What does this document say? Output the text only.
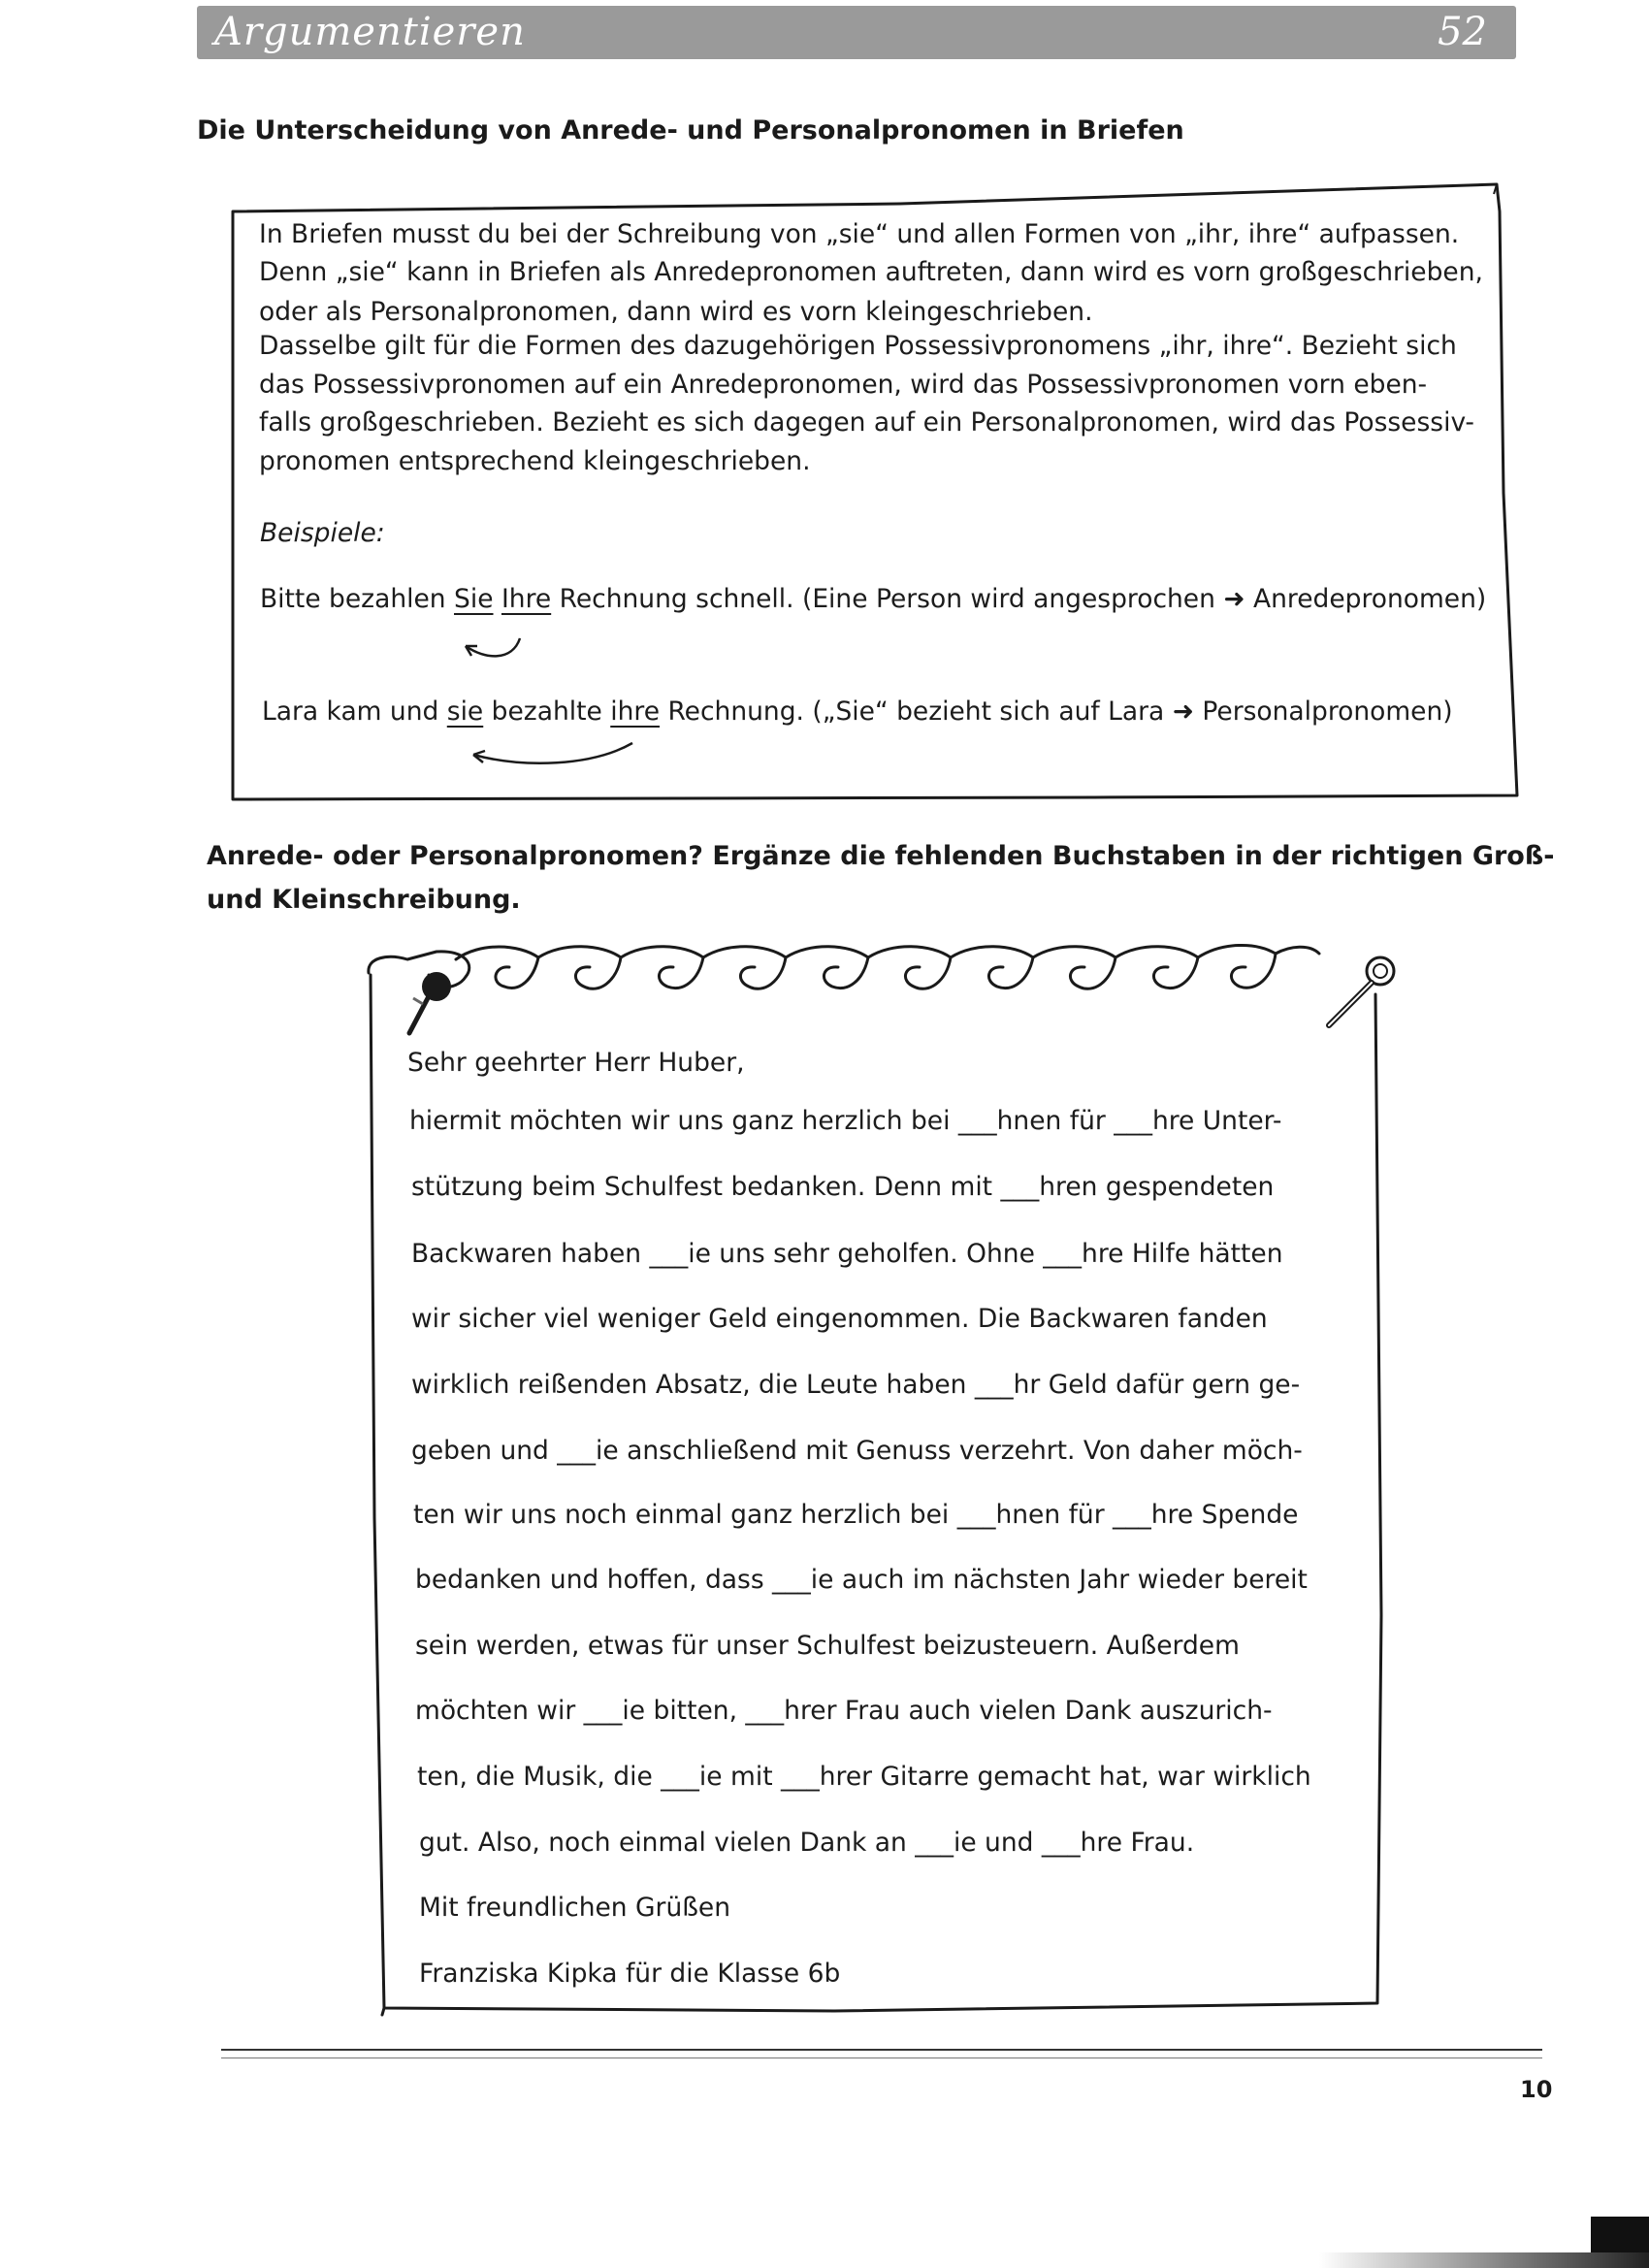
Argumentieren	52
Die Unterscheidung von Anrede- und Personalpronomen in Briefen
In Briefen musst du bei der Schreibung von „sie“ und allen Formen von „ihr, ihre“ aufpassen.
Denn „sie“ kann in Briefen als Anredepronomen auftreten, dann wird es vorn großgeschrieben,
oder als Personalpronomen, dann wird es vorn kleingeschrieben.
Dasselbe gilt für die Formen des dazugehörigen Possessivpronomens „ihr, ihre“. Bezieht sich
das Possessivpronomen auf ein Anredepronomen, wird das Possessivpronomen vorn eben-
falls großgeschrieben. Bezieht es sich dagegen auf ein Personalpronomen, wird das Possessiv-
pronomen entsprechend kleingeschrieben.
Beispiele:
Bitte bezahlen Sie Ihre Rechnung schnell. (Eine Person wird angesprochen ➜ Anredepronomen)
Lara kam und sie bezahlte ihre Rechnung. („Sie“ bezieht sich auf Lara ➜ Personalpronomen)
Anrede- oder Personalpronomen? Ergänze die fehlenden Buchstaben in der richtigen Groß-
und Kleinschreibung.
Sehr geehrter Herr Huber,
hiermit möchten wir uns ganz herzlich bei ___hnen für ___hre Unter-
stützung beim Schulfest bedanken. Denn mit ___hren gespendeten
Backwaren haben ___ie uns sehr geholfen. Ohne ___hre Hilfe hätten
wir sicher viel weniger Geld eingenommen. Die Backwaren fanden
wirklich reißenden Absatz, die Leute haben ___hr Geld dafür gern ge-
geben und ___ie anschließend mit Genuss verzehrt. Von daher möch-
ten wir uns noch einmal ganz herzlich bei ___hnen für ___hre Spende
bedanken und hoffen, dass ___ie auch im nächsten Jahr wieder bereit
sein werden, etwas für unser Schulfest beizusteuern. Außerdem
möchten wir ___ie bitten, ___hrer Frau auch vielen Dank auszurich-
ten, die Musik, die ___ie mit ___hrer Gitarre gemacht hat, war wirklich
gut. Also, noch einmal vielen Dank an ___ie und ___hre Frau.
Mit freundlichen Grüßen
Franziska Kipka für die Klasse 6b
10
